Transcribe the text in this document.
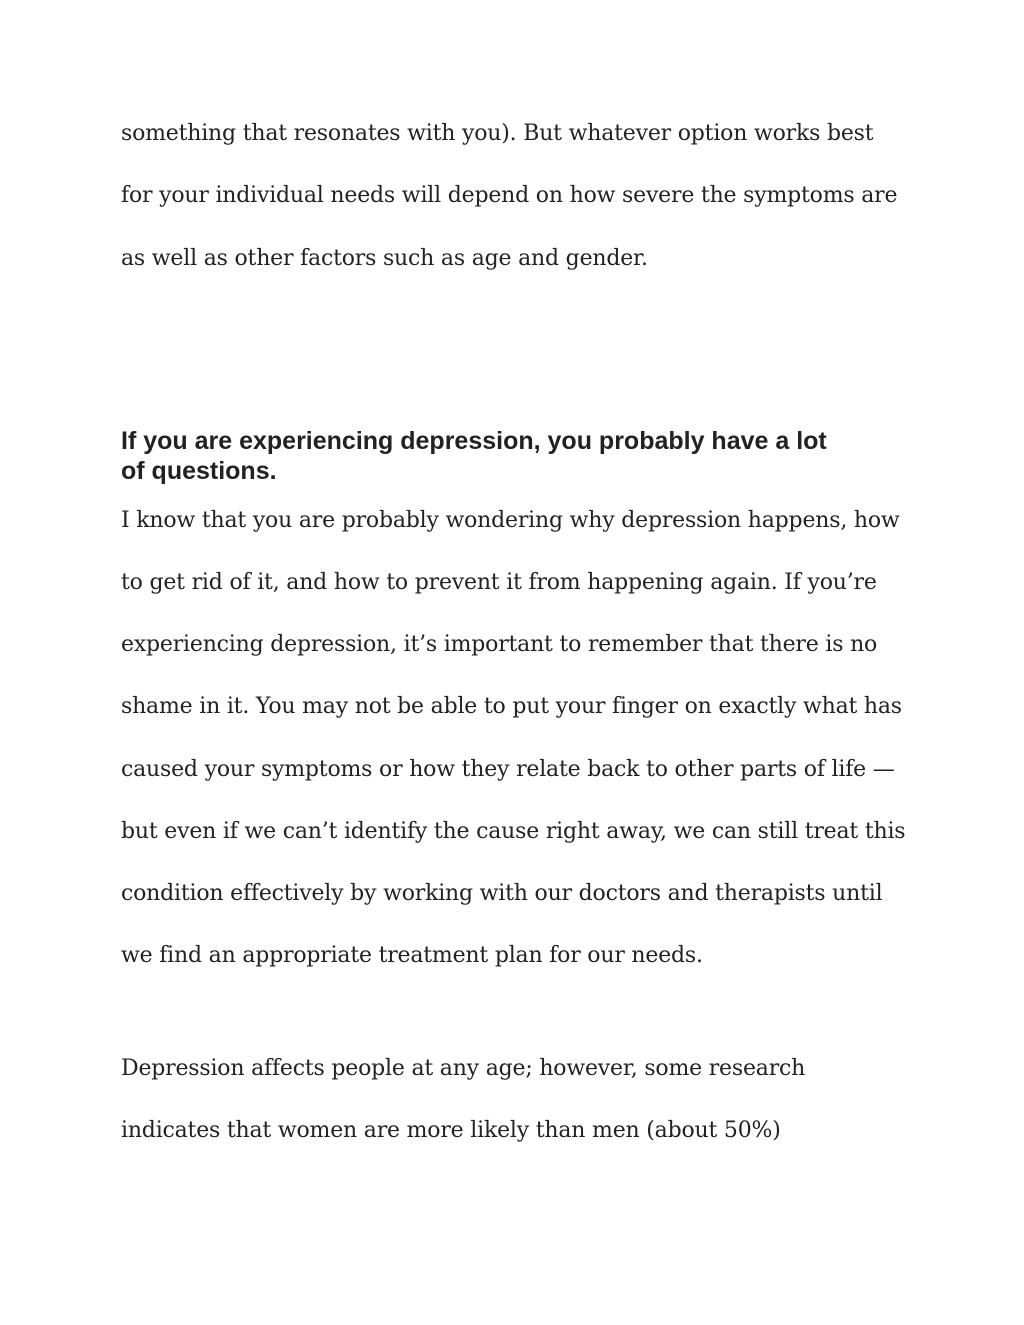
something that resonates with you). But whatever option works best

for your individual needs will depend on how severe the symptoms are

as well as other factors such as age and gender.

If you are experiencing depression, you probably have a lot

of questions.

I know that you are probably wondering why depression happens, how

to get rid of it, and how to prevent it from happening again. If you’re

experiencing depression, it’s important to remember that there is no

shame in it. You may not be able to put your finger on exactly what has

caused your symptoms or how they relate back to other parts of life —

but even if we can’t identify the cause right away, we can still treat this

condition effectively by working with our doctors and therapists until

we find an appropriate treatment plan for our needs.

Depression affects people at any age; however, some research

indicates that women are more likely than men (about 50%)
